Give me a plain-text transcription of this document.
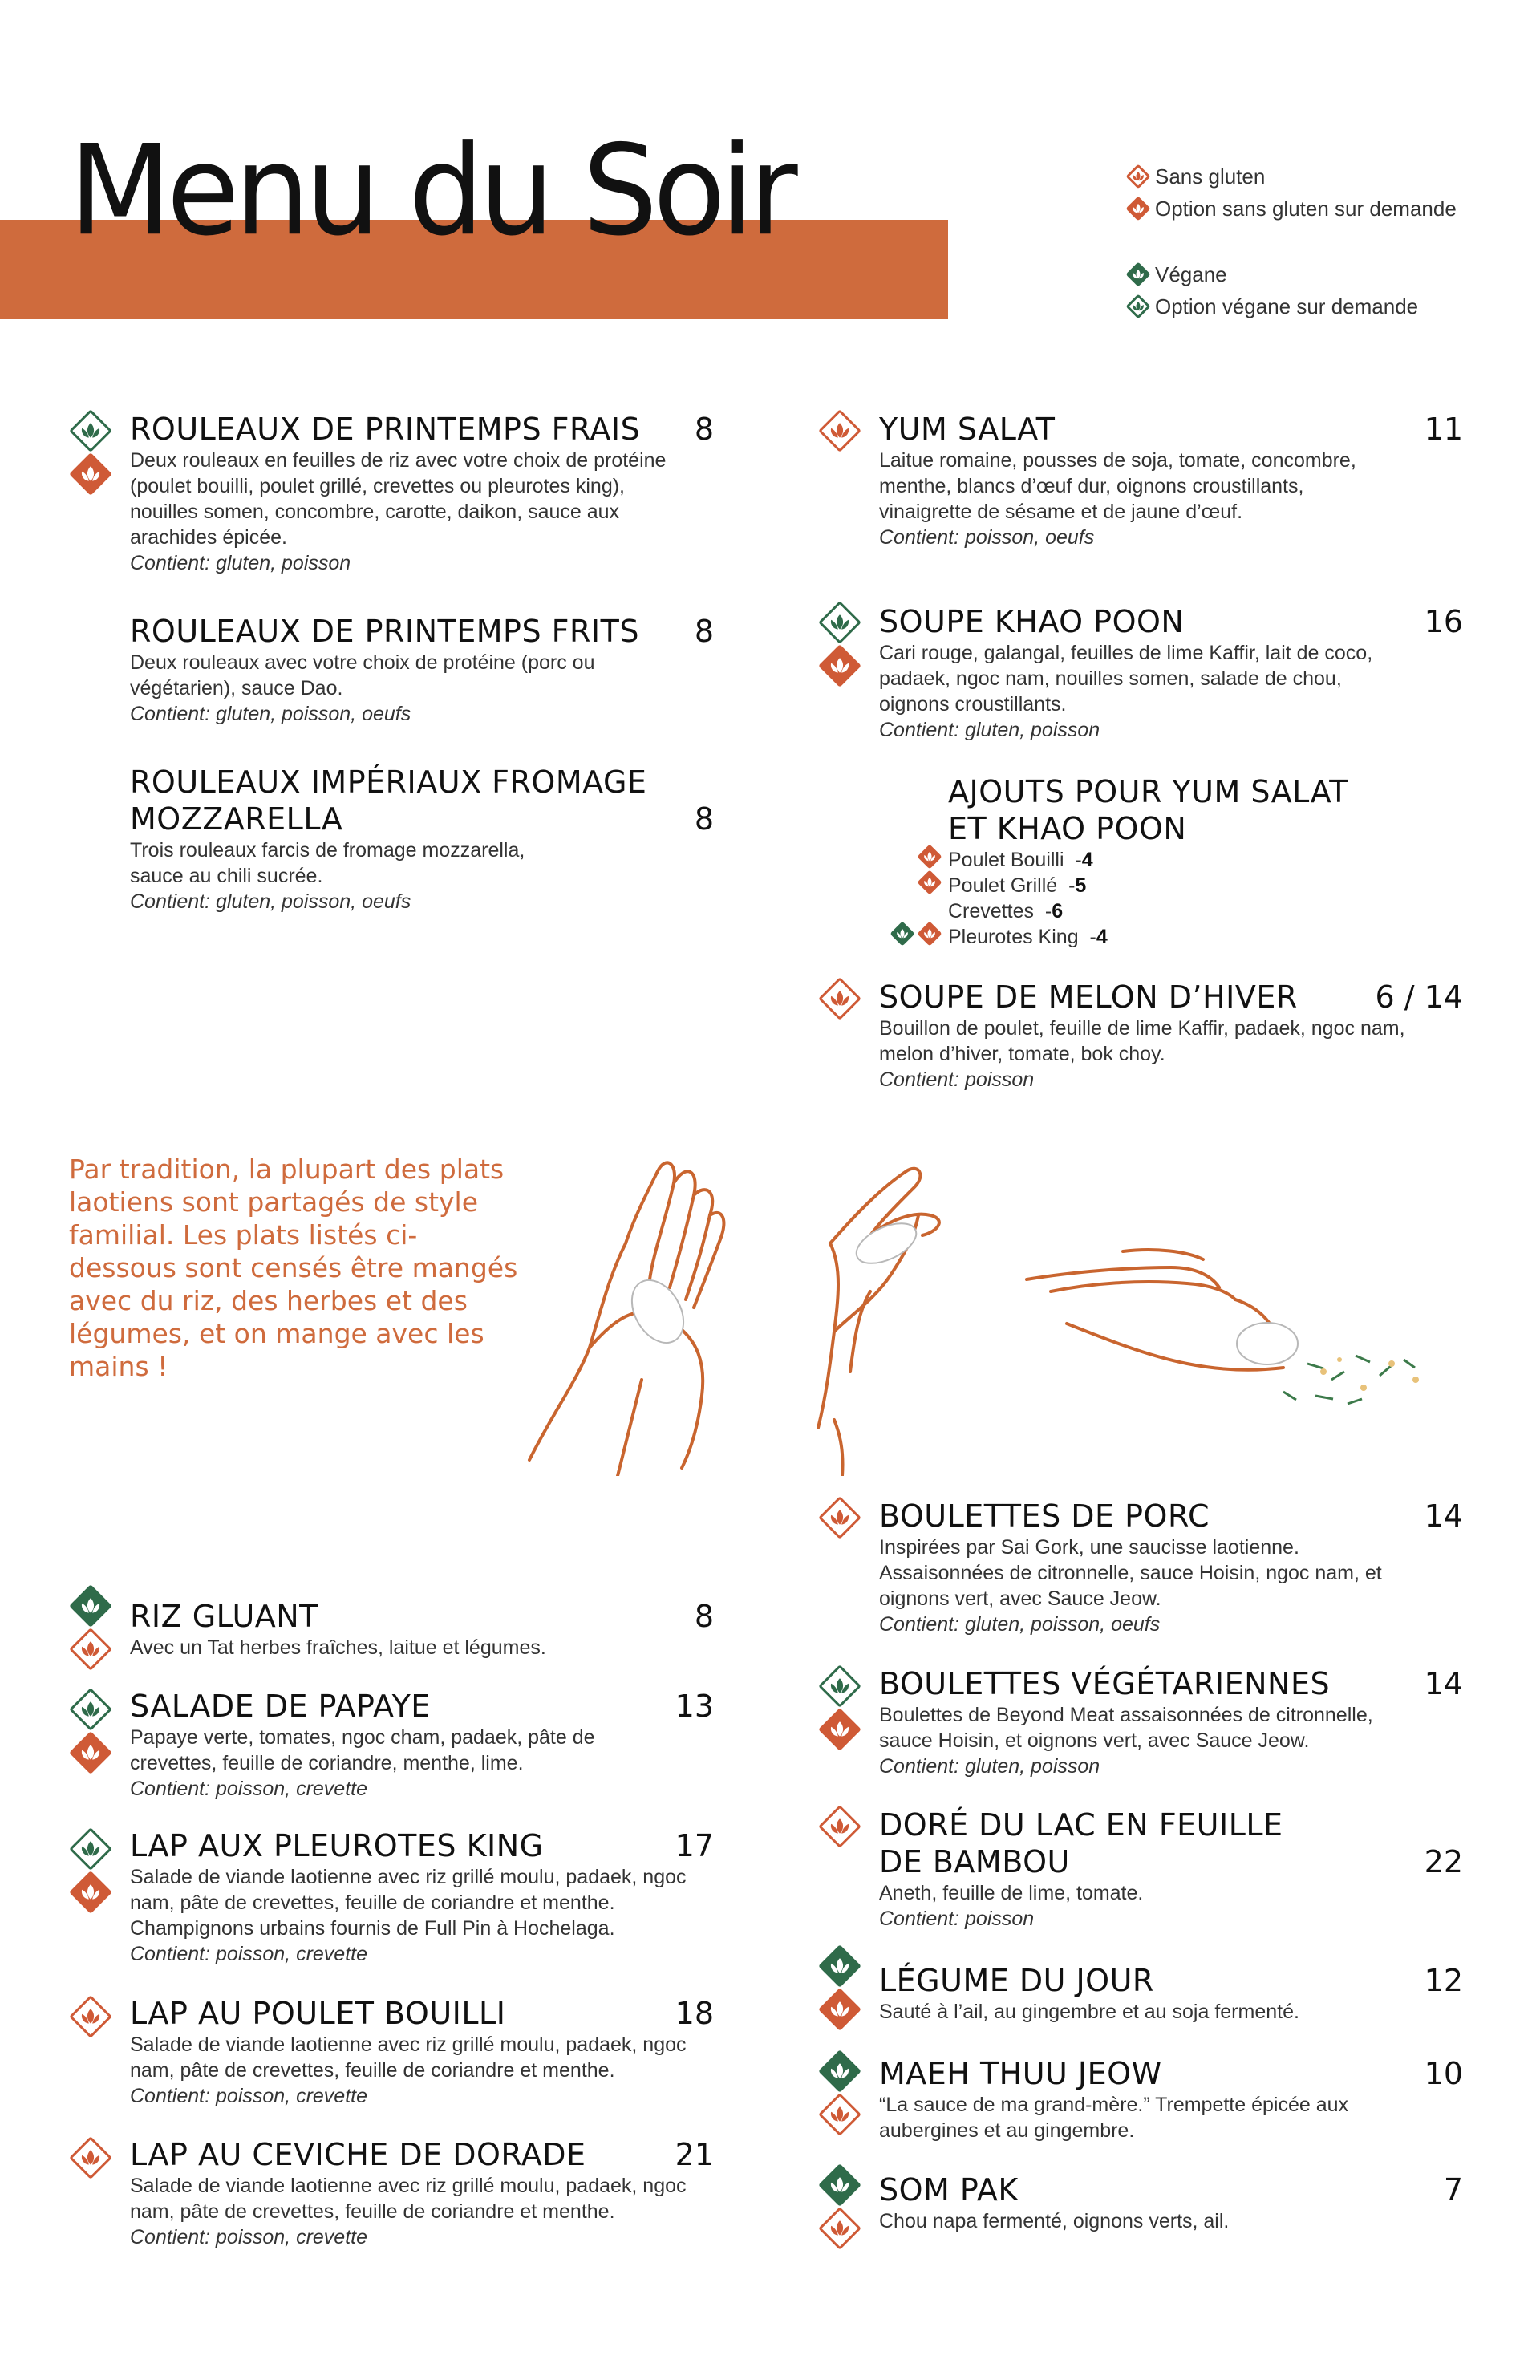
Menu du Soir	Sans gluten
Option sans gluten sur demande
Végane
Option végane sur demande
ROULEAUX DE PRINTEMPS FRAIS 8
Deux rouleaux en feuilles de riz avec votre choix de protéine (poulet bouilli, poulet grillé, crevettes ou pleurotes king), nouilles somen, concombre, carotte, daikon, sauce aux arachides épicée.
Contient: gluten, poisson
ROULEAUX DE PRINTEMPS FRITS 8
Deux rouleaux avec votre choix de protéine (porc ou végétarien), sauce Dao.
Contient: gluten, poisson, oeufs
ROULEAUX IMPÉRIAUX FROMAGE MOZZARELLA	8
Trois rouleaux farcis de fromage mozzarella, sauce au chili sucrée.
Contient: gluten, poisson, oeufs
YUM SALAT	11
Laitue romaine, pousses de soja, tomate, concombre, menthe, blancs d’œuf dur, oignons croustillants, vinaigrette de sésame et de jaune d’œuf.
Contient: poisson, oeufs
SOUPE KHAO POON	16
Cari rouge, galangal, feuilles de lime Kaffir, lait de coco, padaek, ngoc nam, nouilles somen, salade de chou, oignons croustillants.
Contient: gluten, poisson
AJOUTS POUR YUM SALAT ET KHAO POON
Poulet Bouilli - 4
Poulet Grillé - 5
Crevettes - 6
Pleurotes King - 4
SOUPE DE MELON D’HIVER	6 / 14
Bouillon de poulet, feuille de lime Kaffir, padaek, ngoc nam, melon d’hiver, tomate, bok choy.
Contient: poisson
Par tradition, la plupart des plats laotiens sont partagés de style familial. Les plats listés ci-dessous sont censés être mangés avec du riz, des herbes et des légumes, et on mange avec les mains !
RIZ GLUANT	8
Avec un Tat herbes fraîches, laitue et légumes.
SALADE DE PAPAYE	13
Papaye verte, tomates, ngoc cham, padaek, pâte de crevettes, feuille de coriandre, menthe, lime.
Contient: poisson, crevette
LAP AUX PLEUROTES KING	17
Salade de viande laotienne avec riz grillé moulu, padaek, ngoc nam, pâte de crevettes, feuille de coriandre et menthe. Champignons urbains fournis de Full Pin à Hochelaga.
Contient: poisson, crevette
LAP AU POULET BOUILLI	18
Salade de viande laotienne avec riz grillé moulu, padaek, ngoc nam, pâte de crevettes, feuille de coriandre et menthe.
Contient: poisson, crevette
LAP AU CEVICHE DE DORADE	21
Salade de viande laotienne avec riz grillé moulu, padaek, ngoc nam, pâte de crevettes, feuille de coriandre et menthe.
Contient: poisson, crevette
BOULETTES DE PORC	14
Inspirées par Sai Gork, une saucisse laotienne. Assaisonnées de citronnelle, sauce Hoisin, ngoc nam, et oignons vert, avec Sauce Jeow.
Contient: gluten, poisson, oeufs
BOULETTES VÉGÉTARIENNES	14
Boulettes de Beyond Meat assaisonnées de citronnelle, sauce Hoisin, et oignons vert, avec Sauce Jeow.
Contient: gluten, poisson
DORÉ DU LAC EN FEUILLE DE BAMBOU	22
Aneth, feuille de lime, tomate.
Contient: poisson
LÉGUME DU JOUR	12
Sauté à l’ail, au gingembre et au soja fermenté.
MAEH THUU JEOW	10
“La sauce de ma grand-mère.” Trempette épicée aux aubergines et au gingembre.
SOM PAK	7
Chou napa fermenté, oignons verts, ail.
